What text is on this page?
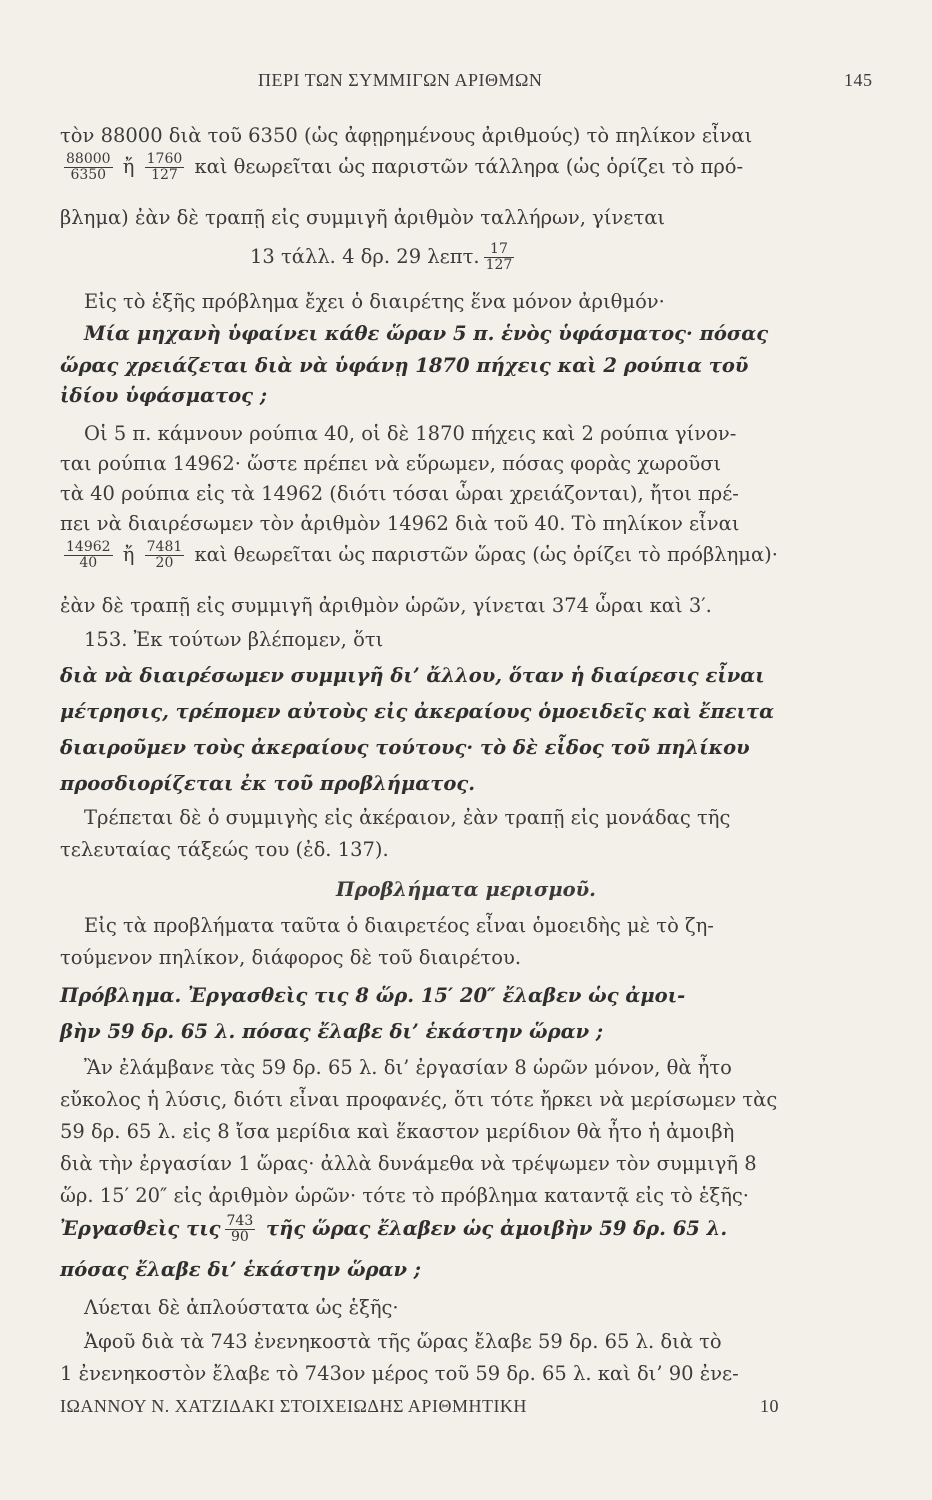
ΠΕΡΙ ΤΩΝ ΣΥΜΜΙΓΩΝ ΑΡΙΘΜΩΝ	145
τὸν 88000 διὰ τοῦ 6350 (ὡς ἀφῃρημένους ἀριθμούς) τὸ πηλίκον εἶναι
$\frac{88000}{6350}$ ἤ $\frac{1760}{127}$ καὶ θεωρεῖται ὡς παριστῶν τάλληρα (ὡς ὁρίζει τὸ πρό-
βλημα) ἐὰν δὲ τραπῇ εἰς συμμιγῆ ἀριθμὸν ταλλήρων, γίνεται
13 τάλλ. 4 δρ. 29 λεπτ. $\frac{17}{127}$
Εἰς τὸ ἑξῆς πρόβλημα ἔχει ὁ διαιρέτης ἕνα μόνον ἀριθμόν·
Μία μηχανὴ ὑφαίνει κάθε ὥραν 5 π. ἑνὸς ὑφάσματος· πόσας
ὥρας χρειάζεται διὰ νὰ ὑφάνῃ 1870 πήχεις καὶ 2 ρούπια τοῦ
ἰδίου ὑφάσματος ;
Οἱ 5 π. κάμνουν ρούπια 40, οἱ δὲ 1870 πήχεις καὶ 2 ρούπια γίνον-
ται ρούπια 14962· ὥστε πρέπει νὰ εὕρωμεν, πόσας φορὰς χωροῦσι
τὰ 40 ρούπια εἰς τὰ 14962 (διότι τόσαι ὧραι χρειάζονται), ἤτοι πρέ-
πει νὰ διαιρέσωμεν τὸν ἀριθμὸν 14962 διὰ τοῦ 40. Τὸ πηλίκον εἶναι
$\frac{14962}{40}$ ἤ $\frac{7481}{20}$ καὶ θεωρεῖται ὡς παριστῶν ὥρας (ὡς ὁρίζει τὸ πρόβλημα)·
ἐὰν δὲ τραπῇ εἰς συμμιγῆ ἀριθμὸν ὡρῶν, γίνεται 374 ὧραι καὶ 3′.
153. Ἐκ τούτων βλέπομεν, ὅτι
διὰ νὰ διαιρέσωμεν συμμιγῆ δι’ ἄλλου, ὅταν ἡ διαίρεσις εἶναι
μέτρησις, τρέπομεν αὐτοὺς εἰς ἀκεραίους ὁμοειδεῖς καὶ ἔπειτα
διαιροῦμεν τοὺς ἀκεραίους τούτους· τὸ δὲ εἶδος τοῦ πηλίκου
προσδιορίζεται ἐκ τοῦ προβλήματος.
Τρέπεται δὲ ὁ συμμιγὴς εἰς ἀκέραιον, ἐὰν τραπῇ εἰς μονάδας τῆς
τελευταίας τάξεώς του (ἐδ. 137).
Προβλήματα μερισμοῦ.
Εἰς τὰ προβλήματα ταῦτα ὁ διαιρετέος εἶναι ὁμοειδὴς μὲ τὸ ζη-
τούμενον πηλίκον, διάφορος δὲ τοῦ διαιρέτου.
Πρόβλημα. Ἐργασθεὶς τις 8 ὥρ. 15′ 20″ ἔλαβεν ὡς ἀμοι-
βὴν 59 δρ. 65 λ. πόσας ἔλαβε δι’ ἑκάστην ὥραν ;
Ἂν ἐλάμβανε τὰς 59 δρ. 65 λ. δι’ ἐργασίαν 8 ὡρῶν μόνον, θὰ ἦτο
εὔκολος ἡ λύσις, διότι εἶναι προφανές, ὅτι τότε ἤρκει νὰ μερίσωμεν τὰς
59 δρ. 65 λ. εἰς 8 ἴσα μερίδια καὶ ἕκαστον μερίδιον θὰ ἦτο ἡ ἀμοιβὴ
διὰ τὴν ἐργασίαν 1 ὥρας· ἀλλὰ δυνάμεθα νὰ τρέψωμεν τὸν συμμιγῆ 8
ὥρ. 15′ 20″ εἰς ἀριθμὸν ὡρῶν· τότε τὸ πρόβλημα καταντᾷ εἰς τὸ ἑξῆς·
Ἐργασθεὶς τις $\frac{743}{90}$ τῆς ὥρας ἔλαβεν ὡς ἀμοιβὴν 59 δρ. 65 λ.
πόσας ἔλαβε δι’ ἑκάστην ὥραν ;
Λύεται δὲ ἁπλούστατα ὡς ἑξῆς·
Ἀφοῦ διὰ τὰ 743 ἐνενηκοστὰ τῆς ὥρας ἔλαβε 59 δρ. 65 λ. διὰ τὸ
1 ἐνενηκοστὸν ἔλαβε τὸ 743ον μέρος τοῦ 59 δρ. 65 λ. καὶ δι’ 90 ἐνε-
ΙΩΑΝΝΟΥ Ν. ΧΑΤΖΙΔΑΚΙ ΣΤΟΙΧΕΙΩΔΗΣ ΑΡΙΘΜΗΤΙΚΗ	10
